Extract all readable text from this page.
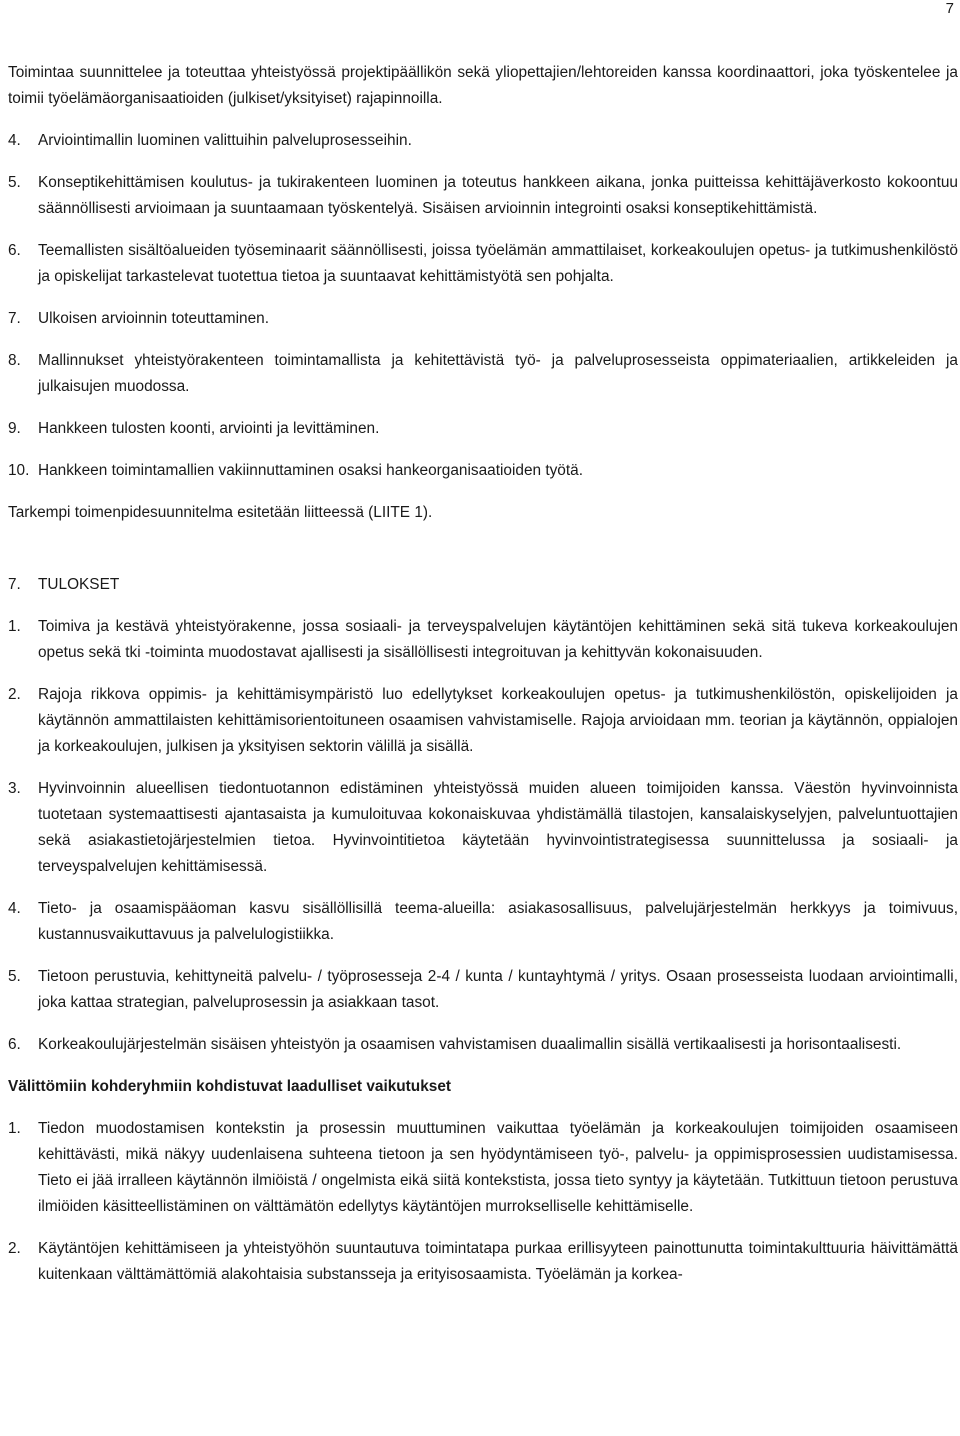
7

Toimintaa suunnittelee ja toteuttaa yhteistyössä projektipäällikön sekä yliopettajien/lehtoreiden kanssa koordinaattori, joka työskentelee ja toimii työelämäorganisaatioiden (julkiset/yksityiset) rajapinnoilla.

4.	Arviointimallin luominen valittuihin palveluprosesseihin.
5.	Konseptikehittämisen koulutus- ja tukirakenteen luominen ja toteutus hankkeen aikana, jonka puitteissa kehittäjäverkosto kokoontuu säännöllisesti arvioimaan ja suuntaamaan työskentelyä. Sisäisen arvioinnin integrointi osaksi konseptikehittämistä.
6.	Teemallisten sisältöalueiden työseminaarit säännöllisesti, joissa työelämän ammattilaiset, korkeakoulujen opetus- ja tutkimushenkilöstö ja opiskelijat tarkastelevat tuotettua tietoa ja suuntaavat kehittämistyötä sen pohjalta.
7.	Ulkoisen arvioinnin toteuttaminen.
8.	Mallinnukset yhteistyörakenteen toimintamallista ja kehitettävistä työ- ja palveluprosesseista oppimateriaalien, artikkeleiden ja julkaisujen muodossa.
9.	Hankkeen tulosten koonti, arviointi ja levittäminen.
10. Hankkeen toimintamallien vakiinnuttaminen osaksi hankeorganisaatioiden työtä.

Tarkempi toimenpidesuunnitelma esitetään liitteessä (LIITE 1).

7.	TULOKSET
1.	Toimiva ja kestävä yhteistyörakenne, jossa sosiaali- ja terveyspalvelujen käytäntöjen kehittäminen sekä sitä tukeva korkeakoulujen opetus sekä tki -toiminta muodostavat ajallisesti ja sisällöllisesti integroituvan ja kehittyvän kokonaisuuden.
2.	Rajoja rikkova oppimis- ja kehittämisympäristö luo edellytykset korkeakoulujen opetus- ja tutkimushenkilöstön, opiskelijoiden ja käytännön ammattilaisten kehittämisorientoituneen osaamisen vahvistamiselle. Rajoja arvioidaan mm. teorian ja käytännön, oppialojen ja korkeakoulujen, julkisen ja yksityisen sektorin välillä ja sisällä.
3.	Hyvinvoinnin alueellisen tiedontuotannon edistäminen yhteistyössä muiden alueen toimijoiden kanssa. Väestön hyvinvoinnista tuotetaan systemaattisesti ajantasaista ja kumuloituvaa kokonaiskuvaa yhdistämällä tilastojen, kansalaiskyselyjen, palveluntuottajien sekä asiakastietojärjestelmien tietoa. Hyvinvointitietoa käytetään hyvinvointistrategisessa suunnittelussa ja sosiaali- ja terveyspalvelujen kehittämisessä.
4.	Tieto- ja osaamispääoman kasvu sisällöllisillä teema-alueilla: asiakasosallisuus, palvelujärjestelmän herkkyys ja toimivuus, kustannusvaikuttavuus ja palvelulogistiikka.
5.	Tietoon perustuvia, kehittyneitä palvelu- / työprosesseja 2-4 / kunta / kuntayhtymä / yritys. Osaan prosesseista luodaan arviointimalli, joka kattaa strategian, palveluprosessin ja asiakkaan tasot.
6.	Korkeakoulujärjestelmän sisäisen yhteistyön ja osaamisen vahvistamisen duaalimallin sisällä vertikaalisesti ja horisontaalisesti.

Välittömiin kohderyhmiin kohdistuvat laadulliset vaikutukset

1.	Tiedon muodostamisen kontekstin ja prosessin muuttuminen vaikuttaa työelämän ja korkeakoulujen toimijoiden osaamiseen kehittävästi, mikä näkyy uudenlaisena suhteena tietoon ja sen hyödyntämiseen työ-, palvelu- ja oppimisprosessien uudistamisessa. Tieto ei jää irralleen käytännön ilmiöistä / ongelmista eikä siitä kontekstista, jossa tieto syntyy ja käytetään. Tutkittuun tietoon perustuva ilmiöiden käsitteellistäminen on välttämätön edellytys käytäntöjen murrokselliselle kehittämiselle.
2.	Käytäntöjen kehittämiseen ja yhteistyöhön suuntautuva toimintatapa purkaa erillisyyteen painottunutta toimintakulttuuria häivittämättä kuitenkaan välttämättömiä alakohtaisia substansseja ja erityisosaamista. Työelämän ja korkea-
